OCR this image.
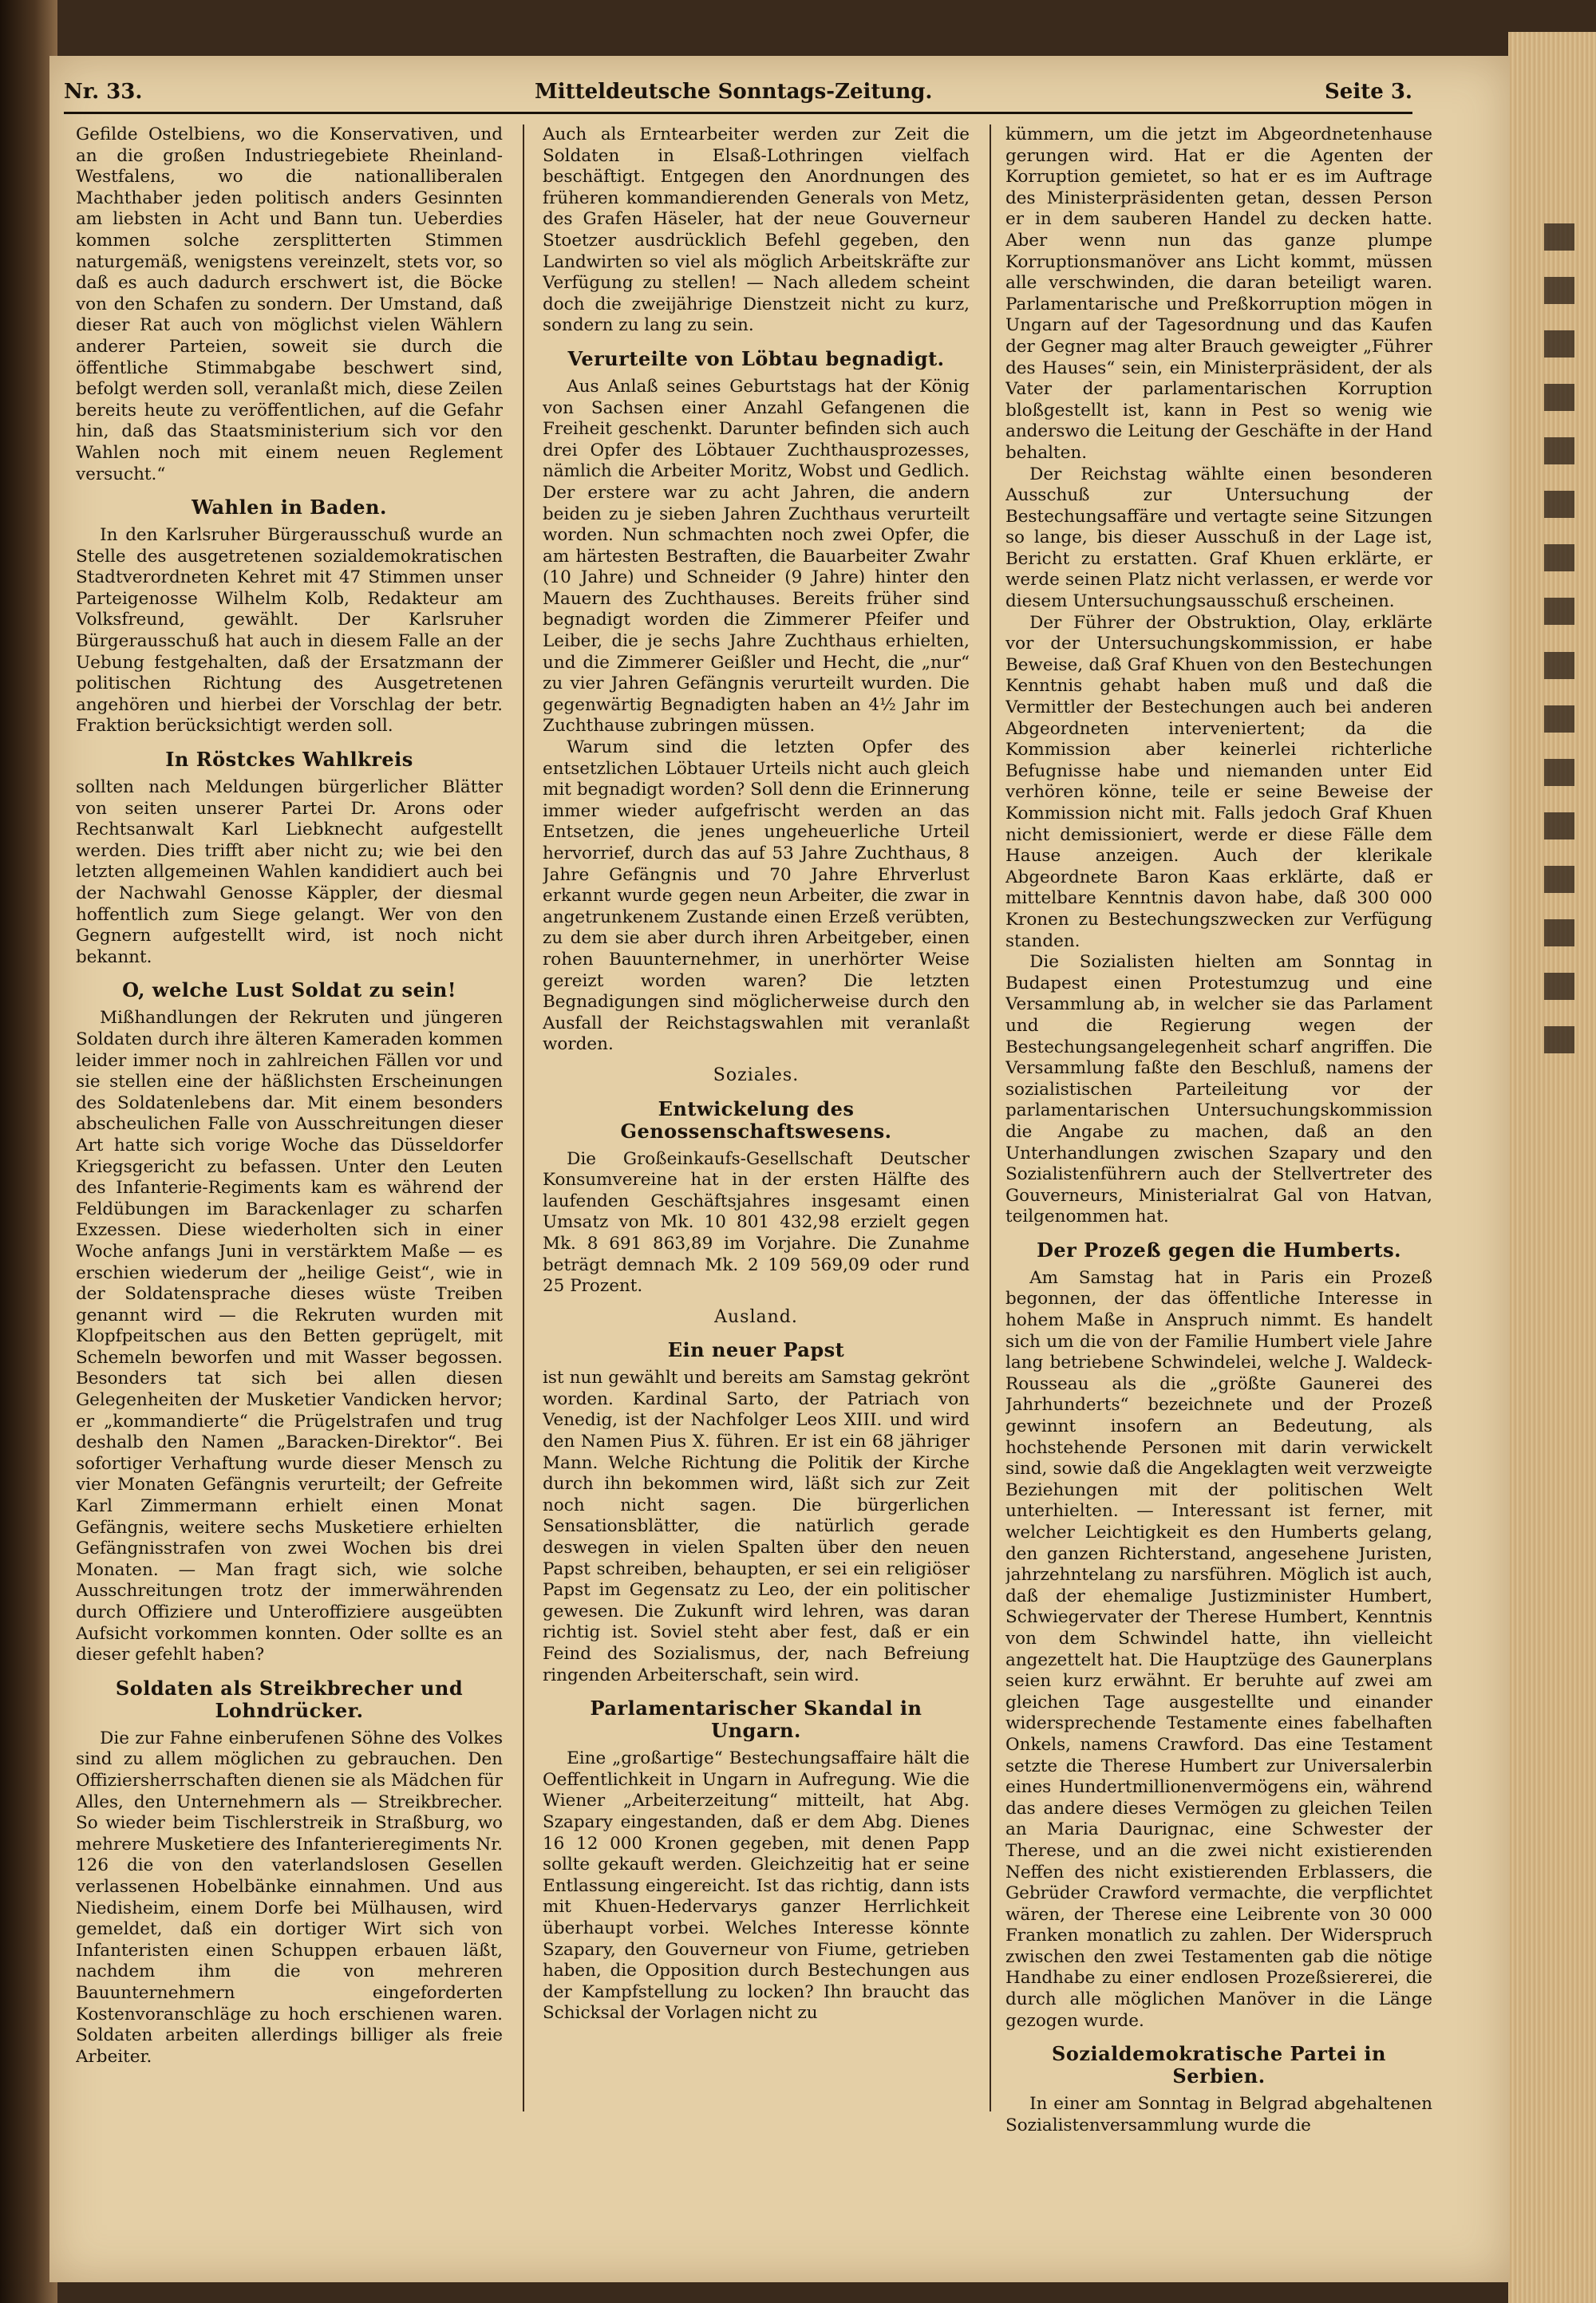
Nr. 33.	Mitteldeutsche Sonntags-Zeitung.	Seite 3.

Gefilde Ostelbiens, wo die Konservativen, und an die großen Industriegebiete Rheinland-Westfalens, wo die nationalliberalen Machthaber jeden politisch anders Gesinnten am liebsten in Acht und Bann tun. Ueberdies kommen solche zersplitterten Stimmen naturgemäß, wenigstens vereinzelt, stets vor, so daß es auch dadurch erschwert ist, die Böcke von den Schafen zu sondern. Der Umstand, daß dieser Rat auch von möglichst vielen Wählern anderer Parteien, soweit sie durch die öffentliche Stimmabgabe beschwert sind, befolgt werden soll, veranlaßt mich, diese Zeilen bereits heute zu veröffentlichen, auf die Gefahr hin, daß das Staatsministerium sich vor den Wahlen noch mit einem neuen Reglement versucht.“

Wahlen in Baden.

In den Karlsruher Bürgerausschuß wurde an Stelle des ausgetretenen sozialdemokratischen Stadtverordneten Kehret mit 47 Stimmen unser Parteigenosse Wilhelm Kolb, Redakteur am Volksfreund, gewählt. Der Karlsruher Bürgerausschuß hat auch in diesem Falle an der Uebung festgehalten, daß der Ersatzmann der politischen Richtung des Ausgetretenen angehören und hierbei der Vorschlag der betr. Fraktion berücksichtigt werden soll.

In Röstckes Wahlkreis

sollten nach Meldungen bürgerlicher Blätter von seiten unserer Partei Dr. Arons oder Rechtsanwalt Karl Liebknecht aufgestellt werden. Dies trifft aber nicht zu; wie bei den letzten allgemeinen Wahlen kandidiert auch bei der Nachwahl Genosse Käppler, der diesmal hoffentlich zum Siege gelangt. Wer von den Gegnern aufgestellt wird, ist noch nicht bekannt.

O, welche Lust Soldat zu sein!

Mißhandlungen der Rekruten und jüngeren Soldaten durch ihre älteren Kameraden kommen leider immer noch in zahlreichen Fällen vor und sie stellen eine der häßlichsten Erscheinungen des Soldatenlebens dar. Mit einem besonders abscheulichen Falle von Ausschreitungen dieser Art hatte sich vorige Woche das Düsseldorfer Kriegsgericht zu befassen. Unter den Leuten des Infanterie-Regiments kam es während der Feldübungen im Barackenlager zu scharfen Exzessen. Diese wiederholten sich in einer Woche anfangs Juni in verstärktem Maße — es erschien wiederum der „heilige Geist“, wie in der Soldatensprache dieses wüste Treiben genannt wird — die Rekruten wurden mit Klopfpeitschen aus den Betten geprügelt, mit Schemeln beworfen und mit Wasser begossen. Besonders tat sich bei allen diesen Gelegenheiten der Musketier Vandicken hervor; er „kommandierte“ die Prügelstrafen und trug deshalb den Namen „Baracken-Direktor“. Bei sofortiger Verhaftung wurde dieser Mensch zu vier Monaten Gefängnis verurteilt; der Gefreite Karl Zimmermann erhielt einen Monat Gefängnis, weitere sechs Musketiere erhielten Gefängnisstrafen von zwei Wochen bis drei Monaten. — Man fragt sich, wie solche Ausschreitungen trotz der immerwährenden durch Offiziere und Unteroffiziere ausgeübten Aufsicht vorkommen konnten. Oder sollte es an dieser gefehlt haben?

Soldaten als Streikbrecher und Lohndrücker.

Die zur Fahne einberufenen Söhne des Volkes sind zu allem möglichen zu gebrauchen. Den Offiziersherrschaften dienen sie als Mädchen für Alles, den Unternehmern als — Streikbrecher. So wieder beim Tischlerstreik in Straßburg, wo mehrere Musketiere des Infanterieregiments Nr. 126 die von den vaterlandslosen Gesellen verlassenen Hobelbänke einnahmen. Und aus Niedisheim, einem Dorfe bei Mülhausen, wird gemeldet, daß ein dortiger Wirt sich von Infanteristen einen Schuppen erbauen läßt, nachdem ihm die von mehreren Bauunternehmern eingeforderten Kostenvoranschläge zu hoch erschienen waren. Soldaten arbeiten allerdings billiger als freie Arbeiter.

Auch als Erntearbeiter werden zur Zeit die Soldaten in Elsaß-Lothringen vielfach beschäftigt. Entgegen den Anordnungen des früheren kommandierenden Generals von Metz, des Grafen Häseler, hat der neue Gouverneur Stoetzer ausdrücklich Befehl gegeben, den Landwirten so viel als möglich Arbeitskräfte zur Verfügung zu stellen! — Nach alledem scheint doch die zweijährige Dienstzeit nicht zu kurz, sondern zu lang zu sein.

Verurteilte von Löbtau begnadigt.

Aus Anlaß seines Geburtstags hat der König von Sachsen einer Anzahl Gefangenen die Freiheit geschenkt. Darunter befinden sich auch drei Opfer des Löbtauer Zuchthausprozesses, nämlich die Arbeiter Moritz, Wobst und Gedlich. Der erstere war zu acht Jahren, die andern beiden zu je sieben Jahren Zuchthaus verurteilt worden. Nun schmachten noch zwei Opfer, die am härtesten Bestraften, die Bauarbeiter Zwahr (10 Jahre) und Schneider (9 Jahre) hinter den Mauern des Zuchthauses. Bereits früher sind begnadigt worden die Zimmerer Pfeifer und Leiber, die je sechs Jahre Zuchthaus erhielten, und die Zimmerer Geißler und Hecht, die „nur“ zu vier Jahren Gefängnis verurteilt wurden. Die gegenwärtig Begnadigten haben an 4½ Jahr im Zuchthause zubringen müssen.

Warum sind die letzten Opfer des entsetzlichen Löbtauer Urteils nicht auch gleich mit begnadigt worden? Soll denn die Erinnerung immer wieder aufgefrischt werden an das Entsetzen, die jenes ungeheuerliche Urteil hervorrief, durch das auf 53 Jahre Zuchthaus, 8 Jahre Gefängnis und 70 Jahre Ehrverlust erkannt wurde gegen neun Arbeiter, die zwar in angetrunkenem Zustande einen Erzeß verübten, zu dem sie aber durch ihren Arbeitgeber, einen rohen Bauunternehmer, in unerhörter Weise gereizt worden waren? Die letzten Begnadigungen sind möglicherweise durch den Ausfall der Reichstagswahlen mit veranlaßt worden.

Soziales.
Entwickelung des Genossenschaftswesens.

Die Großeinkaufs-Gesellschaft Deutscher Konsumvereine hat in der ersten Hälfte des laufenden Geschäftsjahres insgesamt einen Umsatz von Mk. 10 801 432,98 erzielt gegen Mk. 8 691 863,89 im Vorjahre. Die Zunahme beträgt demnach Mk. 2 109 569,09 oder rund 25 Prozent.

Ausland.
Ein neuer Papst

ist nun gewählt und bereits am Samstag gekrönt worden. Kardinal Sarto, der Patriach von Venedig, ist der Nachfolger Leos XIII. und wird den Namen Pius X. führen. Er ist ein 68 jähriger Mann. Welche Richtung die Politik der Kirche durch ihn bekommen wird, läßt sich zur Zeit noch nicht sagen. Die bürgerlichen Sensationsblätter, die natürlich gerade deswegen in vielen Spalten über den neuen Papst schreiben, behaupten, er sei ein religiöser Papst im Gegensatz zu Leo, der ein politischer gewesen. Die Zukunft wird lehren, was daran richtig ist. Soviel steht aber fest, daß er ein Feind des Sozialismus, der, nach Befreiung ringenden Arbeiterschaft, sein wird.

Parlamentarischer Skandal in Ungarn.

Eine „großartige“ Bestechungsaffaire hält die Oeffentlichkeit in Ungarn in Aufregung. Wie die Wiener „Arbeiterzeitung“ mitteilt, hat Abg. Szapary eingestanden, daß er dem Abg. Dienes 16 12 000 Kronen gegeben, mit denen Papp sollte gekauft werden. Gleichzeitig hat er seine Entlassung eingereicht. Ist das richtig, dann ists mit Khuen-Hedervarys ganzer Herrlichkeit überhaupt vorbei. Welches Interesse könnte Szapary, den Gouverneur von Fiume, getrieben haben, die Opposition durch Bestechungen aus der Kampfstellung zu locken? Ihn braucht das Schicksal der Vorlagen nicht zu

kümmern, um die jetzt im Abgeordnetenhause gerungen wird. Hat er die Agenten der Korruption gemietet, so hat er es im Auftrage des Ministerpräsidenten getan, dessen Person er in dem sauberen Handel zu decken hatte. Aber wenn nun das ganze plumpe Korruptionsmanöver ans Licht kommt, müssen alle verschwinden, die daran beteiligt waren. Parlamentarische und Preßkorruption mögen in Ungarn auf der Tagesordnung und das Kaufen der Gegner mag alter Brauch geweigter „Führer des Hauses“ sein, ein Ministerpräsident, der als Vater der parlamentarischen Korruption bloßgestellt ist, kann in Pest so wenig wie anderswo die Leitung der Geschäfte in der Hand behalten.

Der Reichstag wählte einen besonderen Ausschuß zur Untersuchung der Bestechungsaffäre und vertagte seine Sitzungen so lange, bis dieser Ausschuß in der Lage ist, Bericht zu erstatten. Graf Khuen erklärte, er werde seinen Platz nicht verlassen, er werde vor diesem Untersuchungsausschuß erscheinen.

Der Führer der Obstruktion, Olay, erklärte vor der Untersuchungskommission, er habe Beweise, daß Graf Khuen von den Bestechungen Kenntnis gehabt haben muß und daß die Vermittler der Bestechungen auch bei anderen Abgeordneten interveniertent; da die Kommission aber keinerlei richterliche Befugnisse habe und niemanden unter Eid verhören könne, teile er seine Beweise der Kommission nicht mit. Falls jedoch Graf Khuen nicht demissioniert, werde er diese Fälle dem Hause anzeigen. Auch der klerikale Abgeordnete Baron Kaas erklärte, daß er mittelbare Kenntnis davon habe, daß 300 000 Kronen zu Bestechungszwecken zur Verfügung standen.

Die Sozialisten hielten am Sonntag in Budapest einen Protestumzug und eine Versammlung ab, in welcher sie das Parlament und die Regierung wegen der Bestechungsangelegenheit scharf angriffen. Die Versammlung faßte den Beschluß, namens der sozialistischen Parteileitung vor der parlamentarischen Untersuchungskommission die Angabe zu machen, daß an den Unterhandlungen zwischen Szapary und den Sozialistenführern auch der Stellvertreter des Gouverneurs, Ministerialrat Gal von Hatvan, teilgenommen hat.

Der Prozeß gegen die Humberts.

Am Samstag hat in Paris ein Prozeß begonnen, der das öffentliche Interesse in hohem Maße in Anspruch nimmt. Es handelt sich um die von der Familie Humbert viele Jahre lang betriebene Schwindelei, welche J. Waldeck-Rousseau als die „größte Gaunerei des Jahrhunderts“ bezeichnete und der Prozeß gewinnt insofern an Bedeutung, als hochstehende Personen mit darin verwickelt sind, sowie daß die Angeklagten weit verzweigte Beziehungen mit der politischen Welt unterhielten. — Interessant ist ferner, mit welcher Leichtigkeit es den Humberts gelang, den ganzen Richterstand, angesehene Juristen, jahrzehntelang zu narsführen. Möglich ist auch, daß der ehemalige Justizminister Humbert, Schwiegervater der Therese Humbert, Kenntnis von dem Schwindel hatte, ihn vielleicht angezettelt hat. Die Hauptzüge des Gaunerplans seien kurz erwähnt. Er beruhte auf zwei am gleichen Tage ausgestellte und einander widersprechende Testamente eines fabelhaften Onkels, namens Crawford. Das eine Testament setzte die Therese Humbert zur Universalerbin eines Hundertmillionenvermögens ein, während das andere dieses Vermögen zu gleichen Teilen an Maria Daurignac, eine Schwester der Therese, und an die zwei nicht existierenden Neffen des nicht existierenden Erblassers, die Gebrüder Crawford vermachte, die verpflichtet wären, der Therese eine Leibrente von 30 000 Franken monatlich zu zahlen. Der Widerspruch zwischen den zwei Testamenten gab die nötige Handhabe zu einer endlosen Prozeßsiererei, die durch alle möglichen Manöver in die Länge gezogen wurde.

Sozialdemokratische Partei in Serbien.

In einer am Sonntag in Belgrad abgehaltenen Sozialistenversammlung wurde die
